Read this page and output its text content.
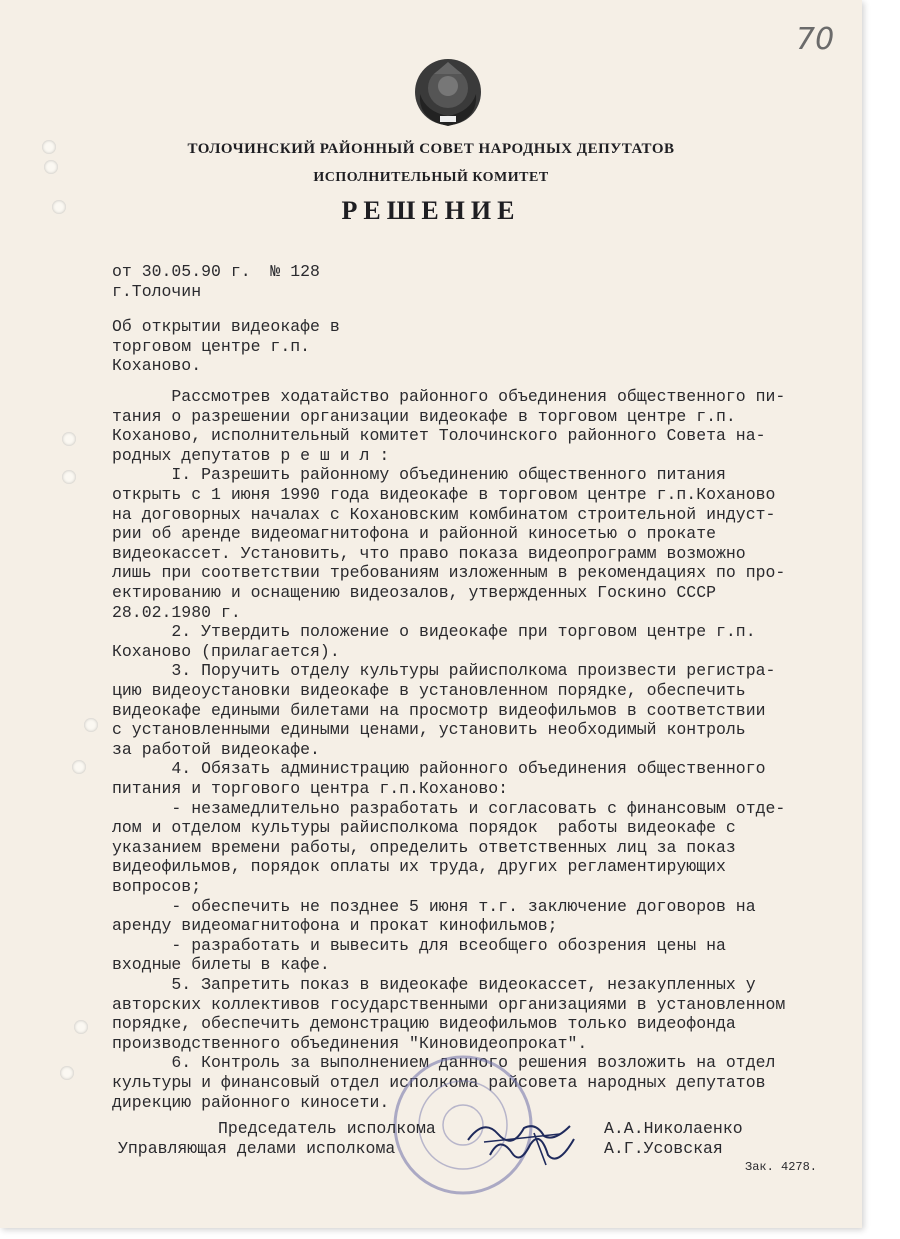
70
ТОЛОЧИНСКИЙ РАЙОННЫЙ СОВЕТ НАРОДНЫХ ДЕПУТАТОВ
ИСПОЛНИТЕЛЬНЫЙ КОМИТЕТ
РЕШЕНИЕ
от 30.05.90 г.  № 128
г.Толочин
Об открытии видеокафе в
торговом центре г.п.
Коханово.
Рассмотрев ходатайство районного объединения общественного пи-
тания о разрешении организации видеокафе в торговом центре г.п.
Коханово, исполнительный комитет Толочинского районного Совета на-
родных депутатов р е ш и л :
I. Разрешить районному объединению общественного питания
открыть с 1 июня 1990 года видеокафе в торговом центре г.п.Коханово
на договорных началах с Кохановским комбинатом строительной индуст-
рии об аренде видеомагнитофона и районной киносетью о прокате
видеокассет. Установить, что право показа видеопрограмм возможно
лишь при соответствии требованиям изложенным в рекомендациях по про-
ектированию и оснащению видеозалов, утвержденных Госкино СССР
28.02.1980 г.
2. Утвердить положение о видеокафе при торговом центре г.п.
Коханово (прилагается).
3. Поручить отделу культуры райисполкома произвести регистра-
цию видеоустановки видеокафе в установленном порядке, обеспечить
видеокафе едиными билетами на просмотр видеофильмов в соответствии
с установленными едиными ценами, установить необходимый контроль
за работой видеокафе.
4. Обязать администрацию районного объединения общественного
питания и торгового центра г.п.Коханово:
- незамедлительно разработать и согласовать с финансовым отде-
лом и отделом культуры райисполкома порядок  работы видеокафе с
указанием времени работы, определить ответственных лиц за показ
видеофильмов, порядок оплаты их труда, других регламентирующих
вопросов;
- обеспечить не позднее 5 июня т.г. заключение договоров на
аренду видеомагнитофона и прокат кинофильмов;
- разработать и вывесить для всеобщего обозрения цены на
входные билеты в кафе.
5. Запретить показ в видеокафе видеокассет, незакупленных у
авторских коллективов государственными организациями в установленном
порядке, обеспечить демонстрацию видеофильмов только видеофонда
производственного объединения "Киновидеопрокат".
6. Контроль за выполнением данного решения возложить на отдел
культуры и финансовый отдел исполкома райсовета народных депутатов
дирекцию районного киносети.
Председатель исполкома	А.А.Николаенко
Управляющая делами исполкома	А.Г.Усовская
Зак. 4278.
